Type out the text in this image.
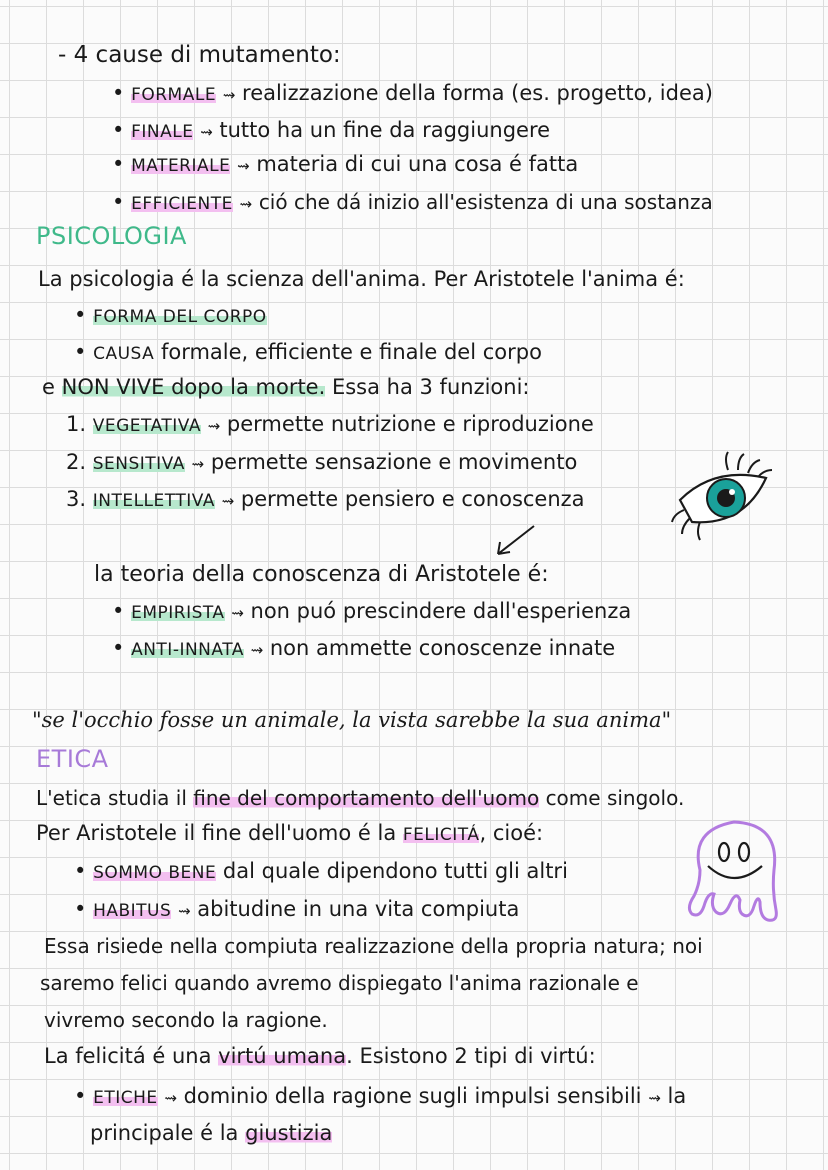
- 4 cause di mutamento:
• FORMALE ⇝ realizzazione della forma (es. progetto, idea)
• FINALE ⇝ tutto ha un fine da raggiungere
• MATERIALE ⇝ materia di cui una cosa é fatta
• EFFICIENTE ⇝ ció che dá inizio all'esistenza di una sostanza
PSICOLOGIA
La psicologia é la scienza dell'anima. Per Aristotele l'anima é:
• FORMA DEL CORPO
• CAUSA formale, efficiente e finale del corpo
e NON VIVE dopo la morte. Essa ha 3 funzioni:
1. VEGETATIVA ⇝ permette nutrizione e riproduzione
2. SENSITIVA ⇝ permette sensazione e movimento
3. INTELLETTIVA ⇝ permette pensiero e conoscenza
la teoria della conoscenza di Aristotele é:
• EMPIRISTA ⇝ non puó prescindere dall'esperienza
• ANTI-INNATA ⇝ non ammette conoscenze innate
"se l'occhio fosse un animale, la vista sarebbe la sua anima"
ETICA
L'etica studia il fine del comportamento dell'uomo come singolo.
Per Aristotele il fine dell'uomo é la FELICITÁ, cioé:
• SOMMO BENE dal quale dipendono tutti gli altri
• HABITUS ⇝ abitudine in una vita compiuta
Essa risiede nella compiuta realizzazione della propria natura; noi
saremo felici quando avremo dispiegato l'anima razionale e
vivremo secondo la ragione.
La felicitá é una virtú umana. Esistono 2 tipi di virtú:
• ETICHE ⇝ dominio della ragione sugli impulsi sensibili ⇝ la
principale é la giustizia
